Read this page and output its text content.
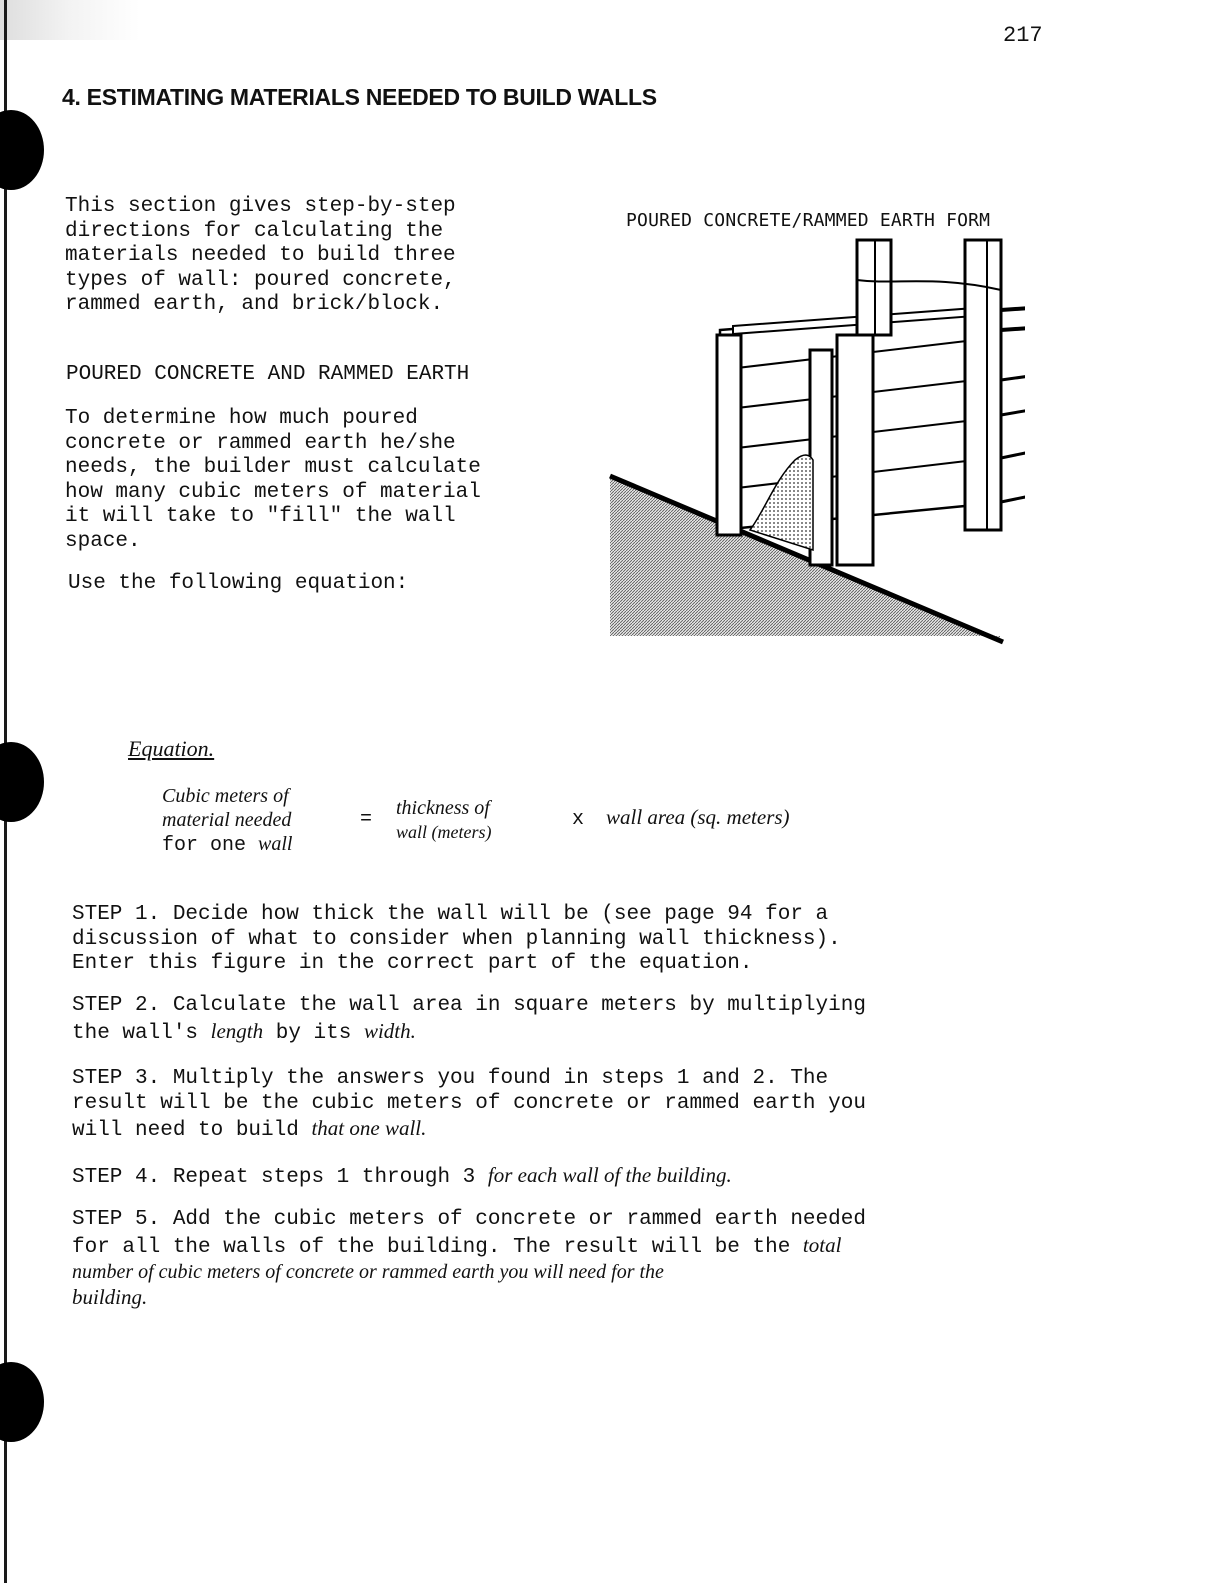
217
4. ESTIMATING MATERIALS NEEDED TO BUILD WALLS
This section gives step-by-step
directions for calculating the
materials needed to build three
types of wall: poured concrete,
rammed earth, and brick/block.
POURED CONCRETE AND RAMMED EARTH
To determine how much poured
concrete or rammed earth he/she
needs, the builder must calculate
how many cubic meters of material
it will take to "fill" the wall
space.
Use the following equation:
POURED CONCRETE/RAMMED EARTH FORM
Equation.
Cubic meters of
material needed
for one wall
= thickness of
wall (meters)
x wall area (sq. meters)
STEP 1. Decide how thick the wall will be (see page 94 for a
discussion of what to consider when planning wall thickness).
Enter this figure in the correct part of the equation.
STEP 2. Calculate the wall area in square meters by multiplying
the wall's length by its width.
STEP 3. Multiply the answers you found in steps 1 and 2. The
result will be the cubic meters of concrete or rammed earth you
will need to build that one wall.
STEP 4. Repeat steps 1 through 3 for each wall of the building.
STEP 5. Add the cubic meters of concrete or rammed earth needed
for all the walls of the building. The result will be the total
number of cubic meters of concrete or rammed earth you will need for the
building.
